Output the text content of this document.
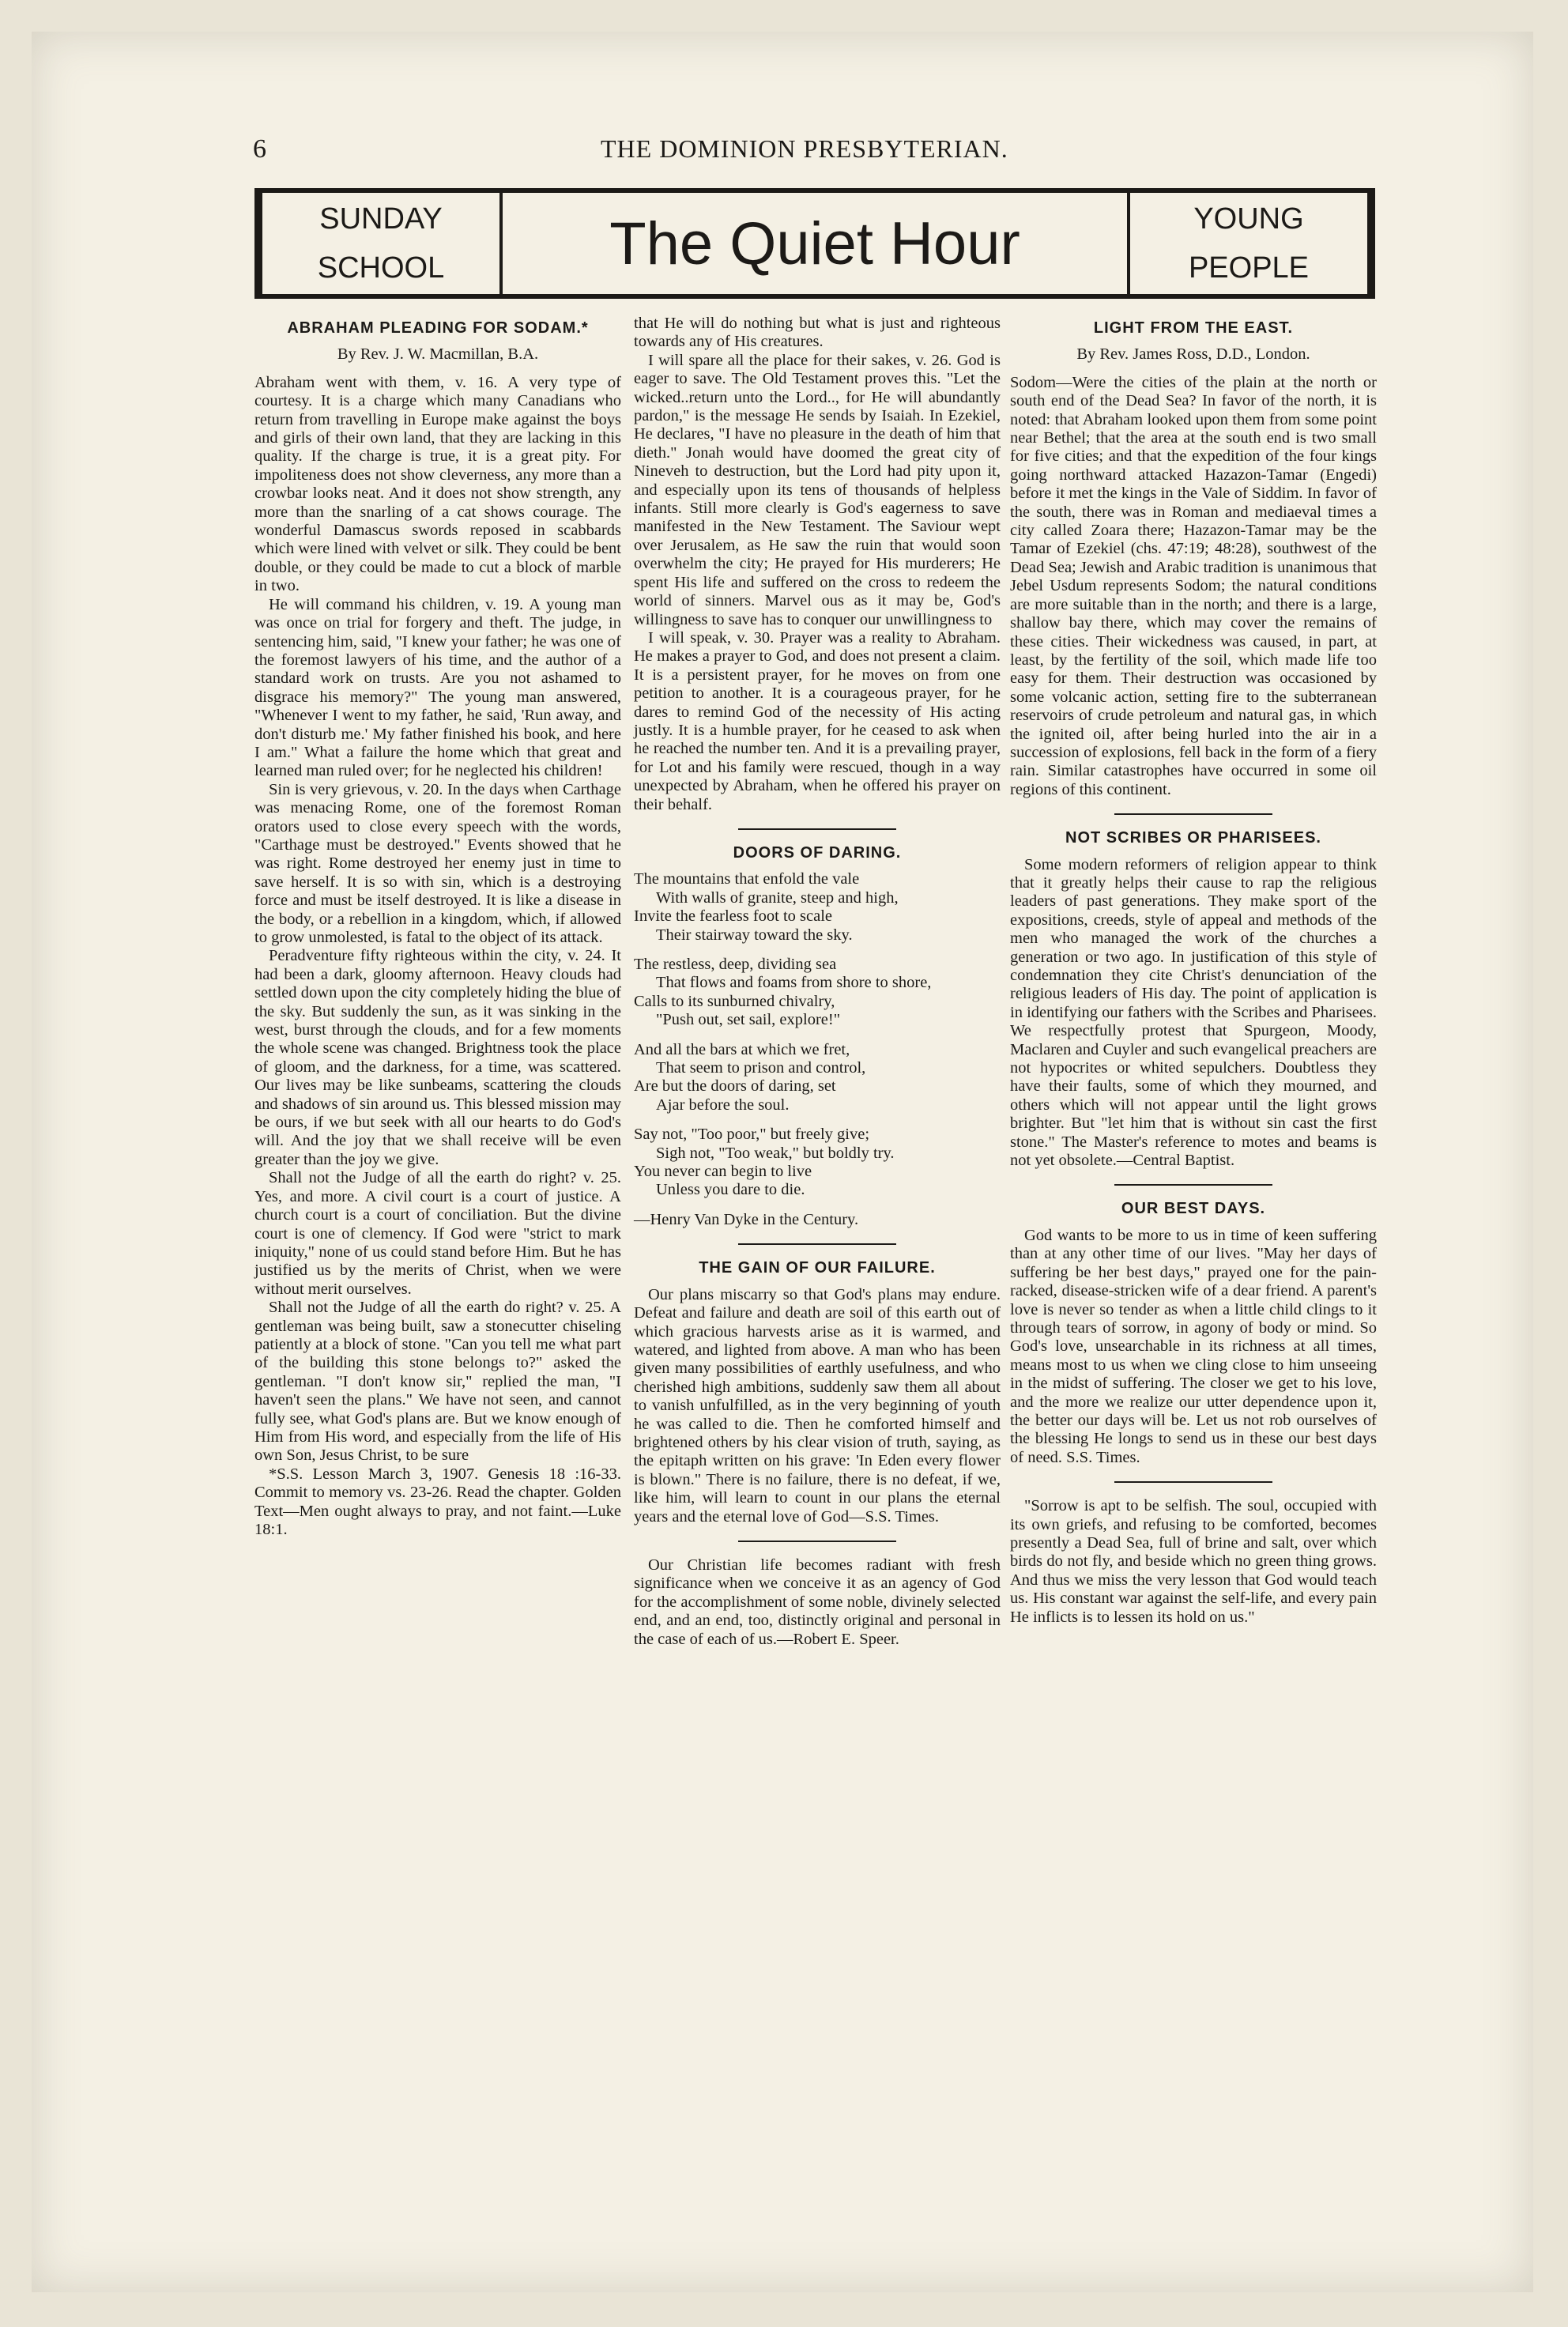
6	THE DOMINION PRESBYTERIAN.
SUNDAY
SCHOOL	The Quiet Hour	YOUNG
PEOPLE
ABRAHAM PLEADING FOR SODAM.*
By Rev. J. W. Macmillan, B.A.

Abraham went with them, v. 16. A very type of courtesy. It is a charge which many Canadians who return from travelling in Europe make against the boys and girls of their own land, that they are lacking in this quality. If the charge is true, it is a great pity. For impoliteness does not show cleverness, any more than a crowbar looks neat. And it does not show strength, any more than the snarling of a cat shows courage. The wonderful Damascus swords reposed in scabbards which were lined with velvet or silk. They could be bent double, or they could be made to cut a block of marble in two.

He will command his children, v. 19. A young man was once on trial for forgery and theft. The judge, in sentencing him, said, "I knew your father; he was one of the foremost lawyers of his time, and the author of a standard work on trusts. Are you not ashamed to disgrace his memory?" The young man answered, "Whenever I went to my father, he said, 'Run away, and don't disturb me.' My father finished his book, and here I am." What a failure the home which that great and learned man ruled over; for he neglected his children!

Sin is very grievous, v. 20. In the days when Carthage was menacing Rome, one of the foremost Roman orators used to close every speech with the words, "Carthage must be destroyed." Events showed that he was right. Rome destroyed her enemy just in time to save herself. It is so with sin, which is a destroying force and must be itself destroyed. It is like a disease in the body, or a rebellion in a kingdom, which, if allowed to grow unmolested, is fatal to the object of its attack.

Peradventure fifty righteous within the city, v. 24. It had been a dark, gloomy afternoon. Heavy clouds had settled down upon the city completely hiding the blue of the sky. But suddenly the sun, as it was sinking in the west, burst through the clouds, and for a few moments the whole scene was changed. Brightness took the place of gloom, and the darkness, for a time, was scattered. Our lives may be like sunbeams, scattering the clouds and shadows of sin around us. This blessed mission may be ours, if we but seek with all our hearts to do God's will. And the joy that we shall receive will be even greater than the joy we give.

Shall not the Judge of all the earth do right? v. 25. Yes, and more. A civil court is a court of justice. A church court is a court of conciliation. But the divine court is one of clemency. If God were "strict to mark iniquity," none of us could stand before Him. But he has justified us by the merits of Christ, when we were without merit ourselves.

Shall not the Judge of all the earth do right? v. 25. A gentleman was being built, saw a stonecutter chiseling patiently at a block of stone. "Can you tell me what part of the building this stone belongs to?" asked the gentleman. "I don't know sir," replied the man, "I haven't seen the plans." We have not seen, and cannot fully see, what God's plans are. But we know enough of Him from His word, and especially from the life of His own Son, Jesus Christ, to be sure

*S.S. Lesson March 3, 1907. Genesis 18 :16-33. Commit to memory vs. 23-26. Read the chapter. Golden Text—Men ought always to pray, and not faint.—Luke 18:1.

that He will do nothing but what is just and righteous towards any of His creatures.

I will spare all the place for their sakes, v. 26. God is eager to save. The Old Testament proves this. "Let the wicked..return unto the Lord.., for He will abundantly pardon," is the message He sends by Isaiah. In Ezekiel, He declares, "I have no pleasure in the death of him that dieth." Jonah would have doomed the great city of Nineveh to destruction, but the Lord had pity upon it, and especially upon its tens of thousands of helpless infants. Still more clearly is God's eagerness to save manifested in the New Testament. The Saviour wept over Jerusalem, as He saw the ruin that would soon overwhelm the city; He prayed for His murderers; He spent His life and suffered on the cross to redeem the world of sinners. Marvel ous as it may be, God's willingness to save has to conquer our unwillingness to

I will speak, v. 30. Prayer was a reality to Abraham. He makes a prayer to God, and does not present a claim. It is a persistent prayer, for he moves on from one petition to another. It is a courageous prayer, for he dares to remind God of the necessity of His acting justly. It is a humble prayer, for he ceased to ask when he reached the number ten. And it is a prevailing prayer, for Lot and his family were rescued, though in a way unexpected by Abraham, when he offered his prayer on their behalf.

DOORS OF DARING.

The mountains that enfold the vale

With walls of granite, steep and high,

Invite the fearless foot to scale

Their stairway toward the sky.

The restless, deep, dividing sea

That flows and foams from shore to shore,

Calls to its sunburned chivalry,

"Push out, set sail, explore!"

And all the bars at which we fret,

That seem to prison and control,

Are but the doors of daring, set

Ajar before the soul.

Say not, "Too poor," but freely give;

Sigh not, "Too weak," but boldly try.

You never can begin to live

Unless you dare to die.

—Henry Van Dyke in the Century.

THE GAIN OF OUR FAILURE.

Our plans miscarry so that God's plans may endure. Defeat and failure and death are soil of this earth out of which gracious harvests arise as it is warmed, and watered, and lighted from above. A man who has been given many possibilities of earthly usefulness, and who cherished high ambitions, suddenly saw them all about to vanish unfulfilled, as in the very beginning of youth he was called to die. Then he comforted himself and brightened others by his clear vision of truth, saying, as the epitaph written on his grave: 'In Eden every flower is blown." There is no failure, there is no defeat, if we, like him, will learn to count in our plans the eternal years and the eternal love of God—S.S. Times.

Our Christian life becomes radiant with fresh significance when we conceive it as an agency of God for the accomplishment of some noble, divinely selected end, and an end, too, distinctly original and personal in the case of each of us.—Robert E. Speer.

LIGHT FROM THE EAST.
By Rev. James Ross, D.D., London.

Sodom—Were the cities of the plain at the north or south end of the Dead Sea? In favor of the north, it is noted: that Abraham looked upon them from some point near Bethel; that the area at the south end is two small for five cities; and that the expedition of the four kings going northward attacked Hazazon-Tamar (Engedi) before it met the kings in the Vale of Siddim. In favor of the south, there was in Roman and mediaeval times a city called Zoara there; Hazazon-Tamar may be the Tamar of Ezekiel (chs. 47:19; 48:28), southwest of the Dead Sea; Jewish and Arabic tradition is unanimous that Jebel Usdum represents Sodom; the natural conditions are more suitable than in the north; and there is a large, shallow bay there, which may cover the remains of these cities. Their wickedness was caused, in part, at least, by the fertility of the soil, which made life too easy for them. Their destruction was occasioned by some volcanic action, setting fire to the subterranean reservoirs of crude petroleum and natural gas, in which the ignited oil, after being hurled into the air in a succession of explosions, fell back in the form of a fiery rain. Similar catastrophes have occurred in some oil regions of this continent.

NOT SCRIBES OR PHARISEES.

Some modern reformers of religion appear to think that it greatly helps their cause to rap the religious leaders of past generations. They make sport of the expositions, creeds, style of appeal and methods of the men who managed the work of the churches a generation or two ago. In justification of this style of condemnation they cite Christ's denunciation of the religious leaders of His day. The point of application is in identifying our fathers with the Scribes and Pharisees. We respectfully protest that Spurgeon, Moody, Maclaren and Cuyler and such evangelical preachers are not hypocrites or whited sepulchers. Doubtless they have their faults, some of which they mourned, and others which will not appear until the light grows brighter. But "let him that is without sin cast the first stone." The Master's reference to motes and beams is not yet obsolete.—Central Baptist.

OUR BEST DAYS.

God wants to be more to us in time of keen suffering than at any other time of our lives. "May her days of suffering be her best days," prayed one for the pain-racked, disease-stricken wife of a dear friend. A parent's love is never so tender as when a little child clings to it through tears of sorrow, in agony of body or mind. So God's love, unsearchable in its richness at all times, means most to us when we cling close to him unseeing in the midst of suffering. The closer we get to his love, and the more we realize our utter dependence upon it, the better our days will be. Let us not rob ourselves of the blessing He longs to send us in these our best days of need. S.S. Times.

"Sorrow is apt to be selfish. The soul, occupied with its own griefs, and refusing to be comforted, becomes presently a Dead Sea, full of brine and salt, over which birds do not fly, and beside which no green thing grows. And thus we miss the very lesson that God would teach us. His constant war against the self-life, and every pain He inflicts is to lessen its hold on us."
